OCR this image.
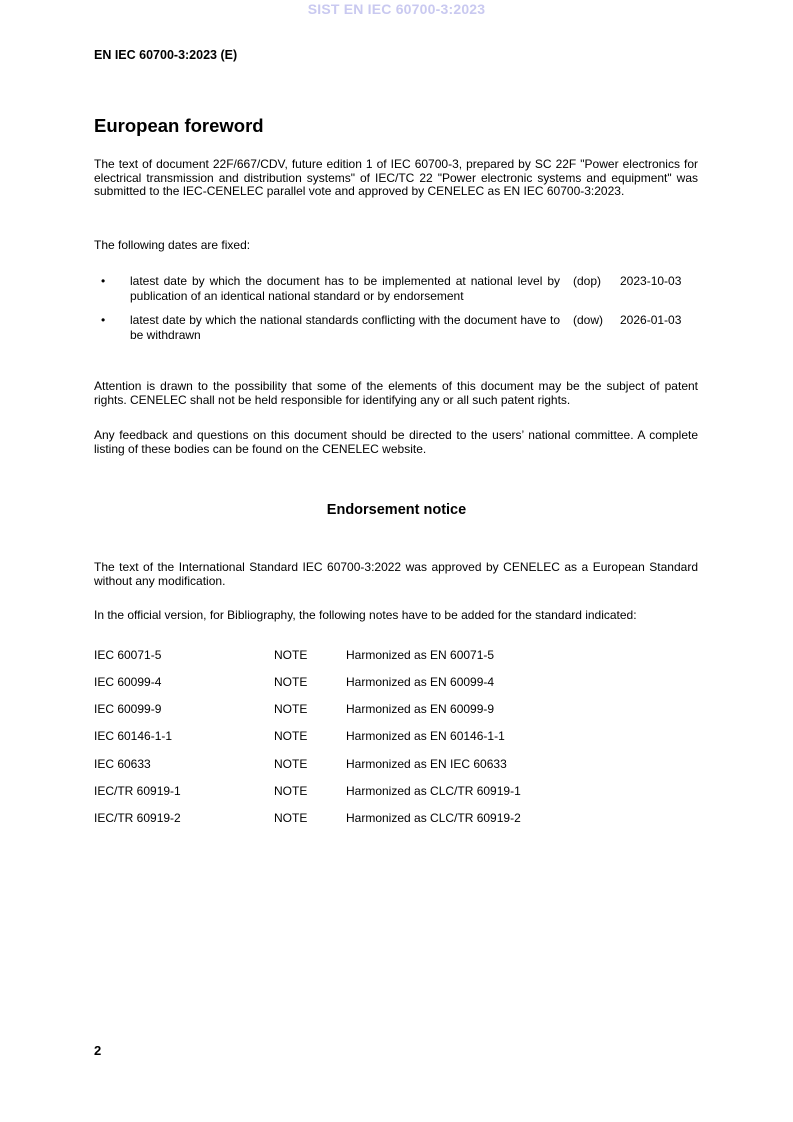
SIST EN IEC 60700-3:2023
EN IEC 60700-3:2023 (E)
European foreword
The text of document 22F/667/CDV, future edition 1 of IEC 60700-3, prepared by SC 22F "Power electronics for electrical transmission and distribution systems" of IEC/TC 22 "Power electronic systems and equipment" was submitted to the IEC-CENELEC parallel vote and approved by CENELEC as EN IEC 60700-3:2023.
The following dates are fixed:
• latest date by which the document has to be implemented at national level by publication of an identical national standard or by endorsement
(dop) 2023-10-03
• latest date by which the national standards conflicting with the document have to be withdrawn
(dow) 2026-01-03
Attention is drawn to the possibility that some of the elements of this document may be the subject of patent rights. CENELEC shall not be held responsible for identifying any or all such patent rights.
Any feedback and questions on this document should be directed to the users’ national committee. A complete listing of these bodies can be found on the CENELEC website.
Endorsement notice
The text of the International Standard IEC 60700-3:2022 was approved by CENELEC as a European Standard without any modification.
In the official version, for Bibliography, the following notes have to be added for the standard indicated:
IEC 60071-5	NOTE	Harmonized as EN 60071-5
IEC 60099-4	NOTE	Harmonized as EN 60099-4
IEC 60099-9	NOTE	Harmonized as EN 60099-9
IEC 60146-1-1	NOTE	Harmonized as EN 60146-1-1
IEC 60633	NOTE	Harmonized as EN IEC 60633
IEC/TR 60919-1	NOTE	Harmonized as CLC/TR 60919-1
IEC/TR 60919-2	NOTE	Harmonized as CLC/TR 60919-2
2
